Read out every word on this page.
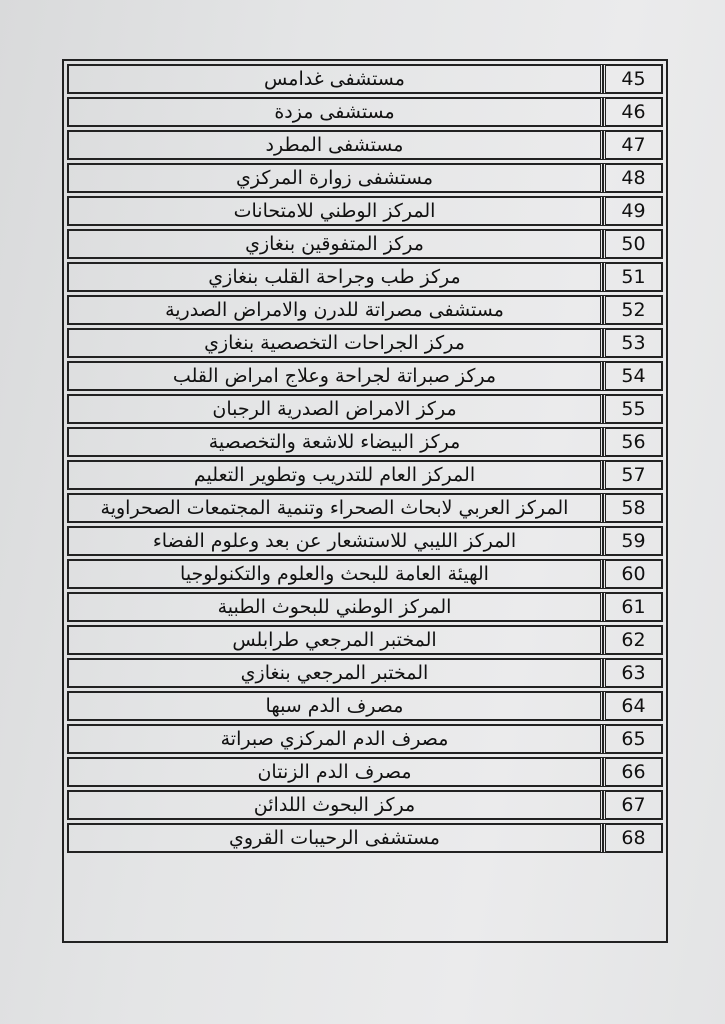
مستشفى غدامس	45
مستشفى مزدة	46
مستشفى المطرد	47
مستشفى زوارة المركزي	48
المركز الوطني للامتحانات	49
مركز المتفوقين بنغازي	50
مركز طب وجراحة القلب بنغازي	51
مستشفى مصراتة للدرن والامراض الصدرية	52
مركز الجراحات التخصصية بنغازي	53
مركز صبراتة لجراحة وعلاج امراض القلب	54
مركز الامراض الصدرية الرجبان	55
مركز البيضاء للاشعة والتخصصية	56
المركز العام للتدريب وتطوير التعليم	57
المركز العربي لابحاث الصحراء وتنمية المجتمعات الصحراوية	58
المركز الليبي للاستشعار عن بعد وعلوم الفضاء	59
الهيئة العامة للبحث والعلوم والتكنولوجيا	60
المركز الوطني للبحوث الطبية	61
المختبر المرجعي طرابلس	62
المختبر المرجعي بنغازي	63
مصرف الدم سبها	64
مصرف الدم المركزي صبراتة	65
مصرف الدم الزنتان	66
مركز البحوث اللدائن	67
مستشفى الرحيبات القروي	68
